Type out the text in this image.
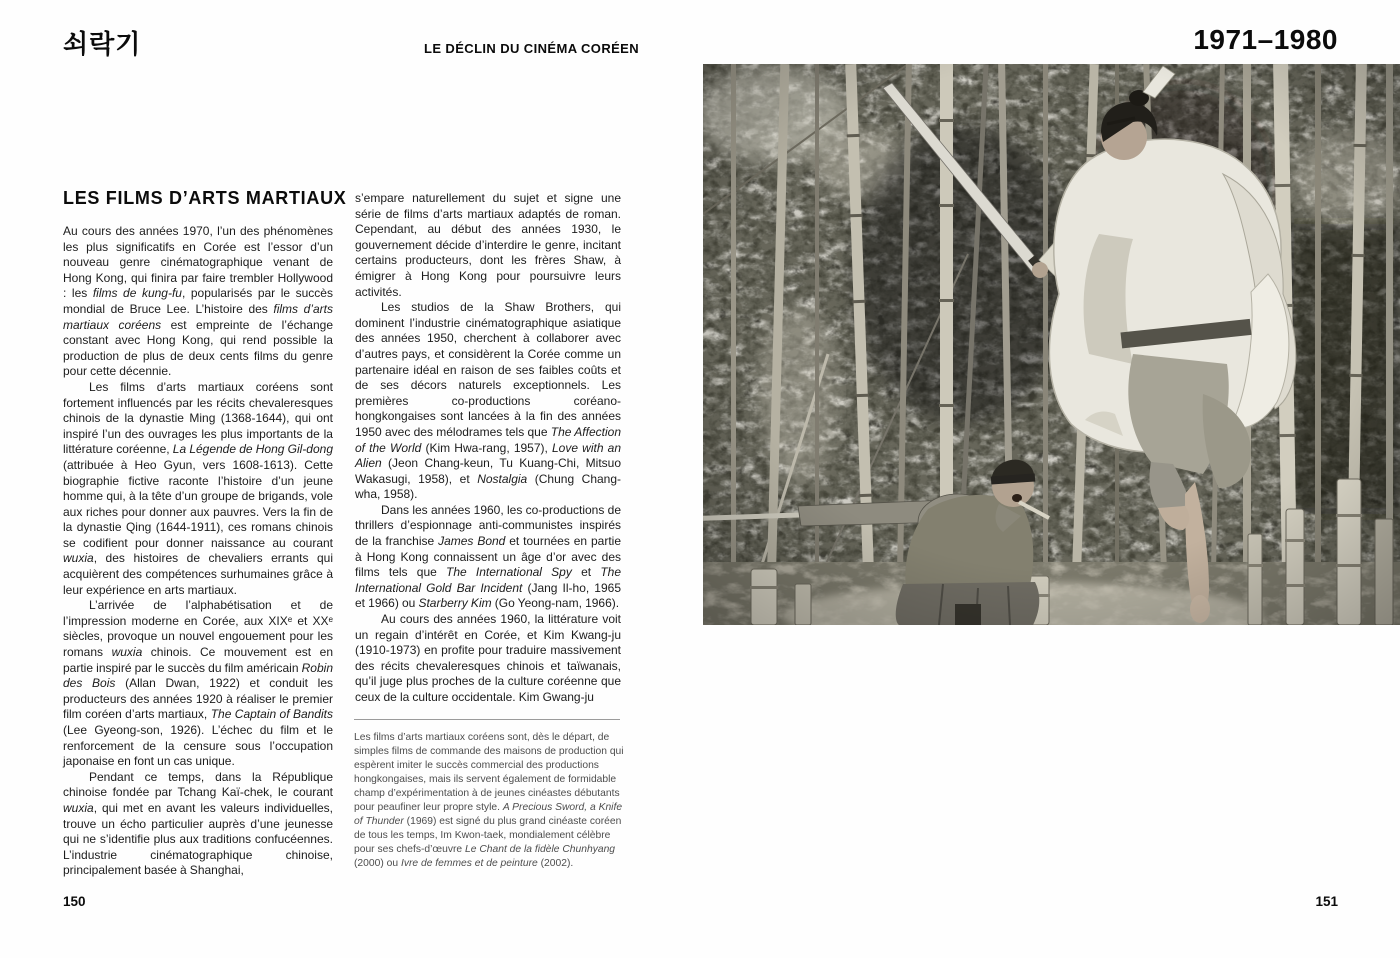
쇠락기	LE DÉCLIN DU CINÉMA CORÉEN	1971–1980
LES FILMS D’ARTS MARTIAUX

Au cours des années 1970, l’un des phénomènes les plus significatifs en Corée est l’essor d’un nouveau genre cinématographique venant de Hong Kong, qui finira par faire trembler Hollywood : les films de kung-fu, popularisés par le succès mondial de Bruce Lee. L’histoire des films d’arts martiaux coréens est empreinte de l’échange constant avec Hong Kong, qui rend possible la production de plus de deux cents films du genre pour cette décennie.

Les films d’arts martiaux coréens sont fortement influencés par les récits chevaleresques chinois de la dynastie Ming (1368-1644), qui ont inspiré l’un des ouvrages les plus importants de la littérature coréenne, La Légende de Hong Gil-dong (attribuée à Heo Gyun, vers 1608-1613). Cette biographie fictive raconte l’histoire d’un jeune homme qui, à la tête d’un groupe de brigands, vole aux riches pour donner aux pauvres. Vers la fin de la dynastie Qing (1644-1911), ces romans chinois se codifient pour donner naissance au courant wuxia, des histoires de chevaliers errants qui acquièrent des compétences surhumaines grâce à leur expérience en arts martiaux.

L’arrivée de l’alphabétisation et de l’impression moderne en Corée, aux XIXᵉ et XXᵉ siècles, provoque un nouvel engouement pour les romans wuxia chinois. Ce mouvement est en partie inspiré par le succès du film américain Robin des Bois (Allan Dwan, 1922) et conduit les producteurs des années 1920 à réaliser le premier film coréen d’arts martiaux, The Captain of Bandits (Lee Gyeong-son, 1926). L’échec du film et le renforcement de la censure sous l’occupation japonaise en font un cas unique.

Pendant ce temps, dans la République chinoise fondée par Tchang Kaï-chek, le courant wuxia, qui met en avant les valeurs individuelles, trouve un écho particulier auprès d’une jeunesse qui ne s’identifie plus aux traditions confucéennes. L’industrie cinématographique chinoise, principalement basée à Shanghai,

s’empare naturellement du sujet et signe une série de films d’arts martiaux adaptés de roman. Cependant, au début des années 1930, le gouvernement décide d’interdire le genre, incitant certains producteurs, dont les frères Shaw, à émigrer à Hong Kong pour poursuivre leurs activités.

Les studios de la Shaw Brothers, qui dominent l’industrie cinématographique asiatique des années 1950, cherchent à collaborer avec d’autres pays, et considèrent la Corée comme un partenaire idéal en raison de ses faibles coûts et de ses décors naturels exceptionnels. Les premières co-productions coréano-hongkongaises sont lancées à la fin des années 1950 avec des mélodrames tels que The Affection of the World (Kim Hwa-rang, 1957), Love with an Alien (Jeon Chang-keun, Tu Kuang-Chi, Mitsuo Wakasugi, 1958), et Nostalgia (Chung Chang-wha, 1958).

Dans les années 1960, les co-productions de thrillers d’espionnage anti-communistes inspirés de la franchise James Bond et tournées en partie à Hong Kong connaissent un âge d’or avec des films tels que The International Spy et The International Gold Bar Incident (Jang Il-ho, 1965 et 1966) ou Starberry Kim (Go Yeong-nam, 1966).

Au cours des années 1960, la littérature voit un regain d’intérêt en Corée, et Kim Kwang-ju (1910-1973) en profite pour traduire massivement des récits chevaleresques chinois et taïwanais, qu’il juge plus proches de la culture coréenne que ceux de la culture occidentale. Kim Gwang-ju

Les films d’arts martiaux coréens sont, dès le départ, de simples films de commande des maisons de production qui espèrent imiter le succès commercial des productions hongkongaises, mais ils servent également de formidable champ d’expérimentation à de jeunes cinéastes débutants pour peaufiner leur propre style. A Precious Sword, a Knife of Thunder (1969) est signé du plus grand cinéaste coréen de tous les temps, Im Kwon-taek, mondialement célèbre pour ses chefs-d’œuvre Le Chant de la fidèle Chunhyang (2000) ou Ivre de femmes et de peinture (2002).

150	151
